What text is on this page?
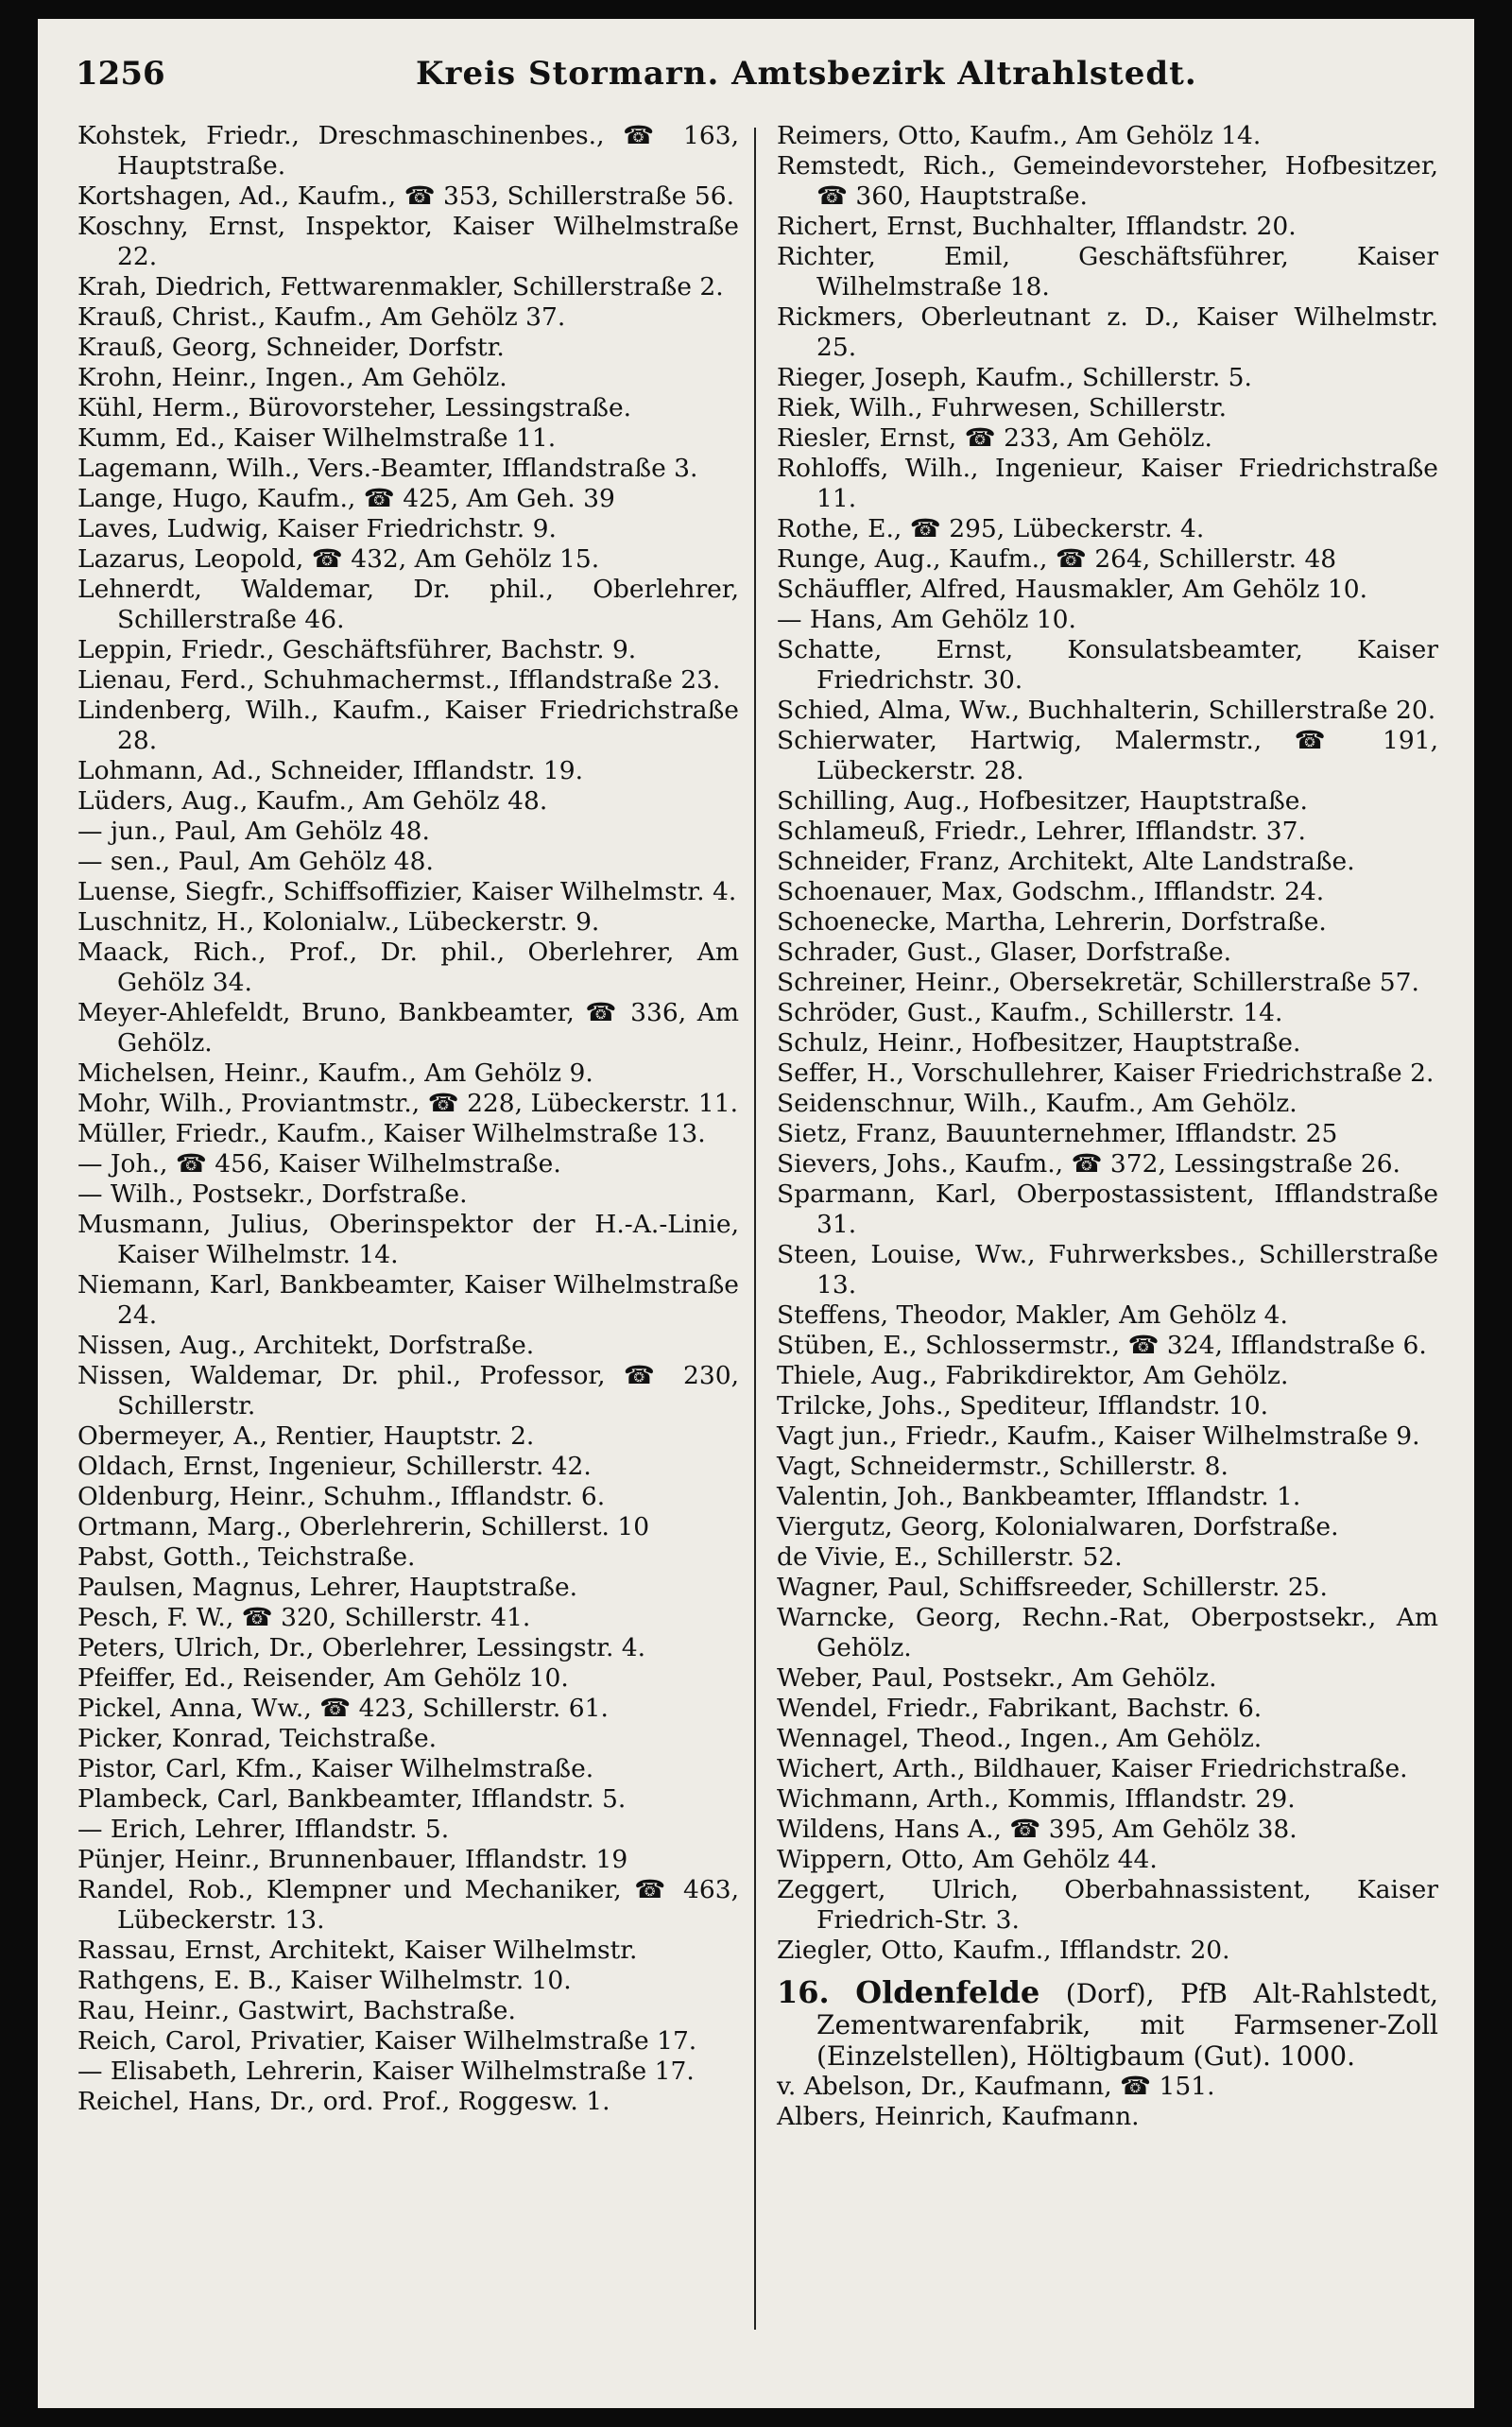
1256	Kreis Stormarn. Amtsbezirk Altrahlstedt.

Kohstek, Friedr., Dreschmaschinenbes., ☎ 163, Hauptstraße.

Kortshagen, Ad., Kaufm., ☎ 353, Schillerstraße 56.

Koschny, Ernst, Inspektor, Kaiser Wilhelmstraße 22.

Krah, Diedrich, Fettwarenmakler, Schillerstraße 2.

Krauß, Christ., Kaufm., Am Gehölz 37.

Krauß, Georg, Schneider, Dorfstr.

Krohn, Heinr., Ingen., Am Gehölz.

Kühl, Herm., Bürovorsteher, Lessingstraße.

Kumm, Ed., Kaiser Wilhelmstraße 11.

Lagemann, Wilh., Vers.-Beamter, Ifflandstraße 3.

Lange, Hugo, Kaufm., ☎ 425, Am Geh. 39

Laves, Ludwig, Kaiser Friedrichstr. 9.

Lazarus, Leopold, ☎ 432, Am Gehölz 15.

Lehnerdt, Waldemar, Dr. phil., Oberlehrer, Schillerstraße 46.

Leppin, Friedr., Geschäftsführer, Bachstr. 9.

Lienau, Ferd., Schuhmachermst., Ifflandstraße 23.

Lindenberg, Wilh., Kaufm., Kaiser Friedrichstraße 28.

Lohmann, Ad., Schneider, Ifflandstr. 19.

Lüders, Aug., Kaufm., Am Gehölz 48.

— jun., Paul, Am Gehölz 48.

— sen., Paul, Am Gehölz 48.

Luense, Siegfr., Schiffsoffizier, Kaiser Wilhelmstr. 4.

Luschnitz, H., Kolonialw., Lübeckerstr. 9.

Maack, Rich., Prof., Dr. phil., Oberlehrer, Am Gehölz 34.

Meyer-Ahlefeldt, Bruno, Bankbeamter, ☎ 336, Am Gehölz.

Michelsen, Heinr., Kaufm., Am Gehölz 9.

Mohr, Wilh., Proviantmstr., ☎ 228, Lübeckerstr. 11.

Müller, Friedr., Kaufm., Kaiser Wilhelmstraße 13.

— Joh., ☎ 456, Kaiser Wilhelmstraße.

— Wilh., Postsekr., Dorfstraße.

Musmann, Julius, Oberinspektor der H.-A.-Linie, Kaiser Wilhelmstr. 14.

Niemann, Karl, Bankbeamter, Kaiser Wilhelmstraße 24.

Nissen, Aug., Architekt, Dorfstraße.

Nissen, Waldemar, Dr. phil., Professor, ☎ 230, Schillerstr.

Obermeyer, A., Rentier, Hauptstr. 2.

Oldach, Ernst, Ingenieur, Schillerstr. 42.

Oldenburg, Heinr., Schuhm., Ifflandstr. 6.

Ortmann, Marg., Oberlehrerin, Schillerst. 10

Pabst, Gotth., Teichstraße.

Paulsen, Magnus, Lehrer, Hauptstraße.

Pesch, F. W., ☎ 320, Schillerstr. 41.

Peters, Ulrich, Dr., Oberlehrer, Lessingstr. 4.

Pfeiffer, Ed., Reisender, Am Gehölz 10.

Pickel, Anna, Ww., ☎ 423, Schillerstr. 61.

Picker, Konrad, Teichstraße.

Pistor, Carl, Kfm., Kaiser Wilhelmstraße.

Plambeck, Carl, Bankbeamter, Ifflandstr. 5.

— Erich, Lehrer, Ifflandstr. 5.

Pünjer, Heinr., Brunnenbauer, Ifflandstr. 19

Randel, Rob., Klempner und Mechaniker, ☎ 463, Lübeckerstr. 13.

Rassau, Ernst, Architekt, Kaiser Wilhelmstr.

Rathgens, E. B., Kaiser Wilhelmstr. 10.

Rau, Heinr., Gastwirt, Bachstraße.

Reich, Carol, Privatier, Kaiser Wilhelmstraße 17.

— Elisabeth, Lehrerin, Kaiser Wilhelmstraße 17.

Reichel, Hans, Dr., ord. Prof., Roggesw. 1.

Reimers, Otto, Kaufm., Am Gehölz 14.

Remstedt, Rich., Gemeindevorsteher, Hofbesitzer, ☎ 360, Hauptstraße.

Richert, Ernst, Buchhalter, Ifflandstr. 20.

Richter, Emil, Geschäftsführer, Kaiser Wilhelmstraße 18.

Rickmers, Oberleutnant z. D., Kaiser Wilhelmstr. 25.

Rieger, Joseph, Kaufm., Schillerstr. 5.

Riek, Wilh., Fuhrwesen, Schillerstr.

Riesler, Ernst, ☎ 233, Am Gehölz.

Rohloffs, Wilh., Ingenieur, Kaiser Friedrichstraße 11.

Rothe, E., ☎ 295, Lübeckerstr. 4.

Runge, Aug., Kaufm., ☎ 264, Schillerstr. 48

Schäuffler, Alfred, Hausmakler, Am Gehölz 10.

— Hans, Am Gehölz 10.

Schatte, Ernst, Konsulatsbeamter, Kaiser Friedrichstr. 30.

Schied, Alma, Ww., Buchhalterin, Schillerstraße 20.

Schierwater, Hartwig, Malermstr., ☎ 191, Lübeckerstr. 28.

Schilling, Aug., Hofbesitzer, Hauptstraße.

Schlameuß, Friedr., Lehrer, Ifflandstr. 37.

Schneider, Franz, Architekt, Alte Landstraße.

Schoenauer, Max, Godschm., Ifflandstr. 24.

Schoenecke, Martha, Lehrerin, Dorfstraße.

Schrader, Gust., Glaser, Dorfstraße.

Schreiner, Heinr., Obersekretär, Schillerstraße 57.

Schröder, Gust., Kaufm., Schillerstr. 14.

Schulz, Heinr., Hofbesitzer, Hauptstraße.

Seffer, H., Vorschullehrer, Kaiser Friedrichstraße 2.

Seidenschnur, Wilh., Kaufm., Am Gehölz.

Sietz, Franz, Bauunternehmer, Ifflandstr. 25

Sievers, Johs., Kaufm., ☎ 372, Lessingstraße 26.

Sparmann, Karl, Oberpostassistent, Ifflandstraße 31.

Steen, Louise, Ww., Fuhrwerksbes., Schillerstraße 13.

Steffens, Theodor, Makler, Am Gehölz 4.

Stüben, E., Schlossermstr., ☎ 324, Ifflandstraße 6.

Thiele, Aug., Fabrikdirektor, Am Gehölz.

Trilcke, Johs., Spediteur, Ifflandstr. 10.

Vagt jun., Friedr., Kaufm., Kaiser Wilhelmstraße 9.

Vagt, Schneidermstr., Schillerstr. 8.

Valentin, Joh., Bankbeamter, Ifflandstr. 1.

Viergutz, Georg, Kolonialwaren, Dorfstraße.

de Vivie, E., Schillerstr. 52.

Wagner, Paul, Schiffsreeder, Schillerstr. 25.

Warncke, Georg, Rechn.-Rat, Oberpostsekr., Am Gehölz.

Weber, Paul, Postsekr., Am Gehölz.

Wendel, Friedr., Fabrikant, Bachstr. 6.

Wennagel, Theod., Ingen., Am Gehölz.

Wichert, Arth., Bildhauer, Kaiser Friedrichstraße.

Wichmann, Arth., Kommis, Ifflandstr. 29.

Wildens, Hans A., ☎ 395, Am Gehölz 38.

Wippern, Otto, Am Gehölz 44.

Zeggert, Ulrich, Oberbahnassistent, Kaiser Friedrich-Str. 3.

Ziegler, Otto, Kaufm., Ifflandstr. 20.

16. Oldenfelde (Dorf), PfB Alt-Rahlstedt, Zementwarenfabrik, mit Farmsener-Zoll (Einzelstellen), Höltigbaum (Gut). 1000.

v. Abelson, Dr., Kaufmann, ☎ 151.

Albers, Heinrich, Kaufmann.
